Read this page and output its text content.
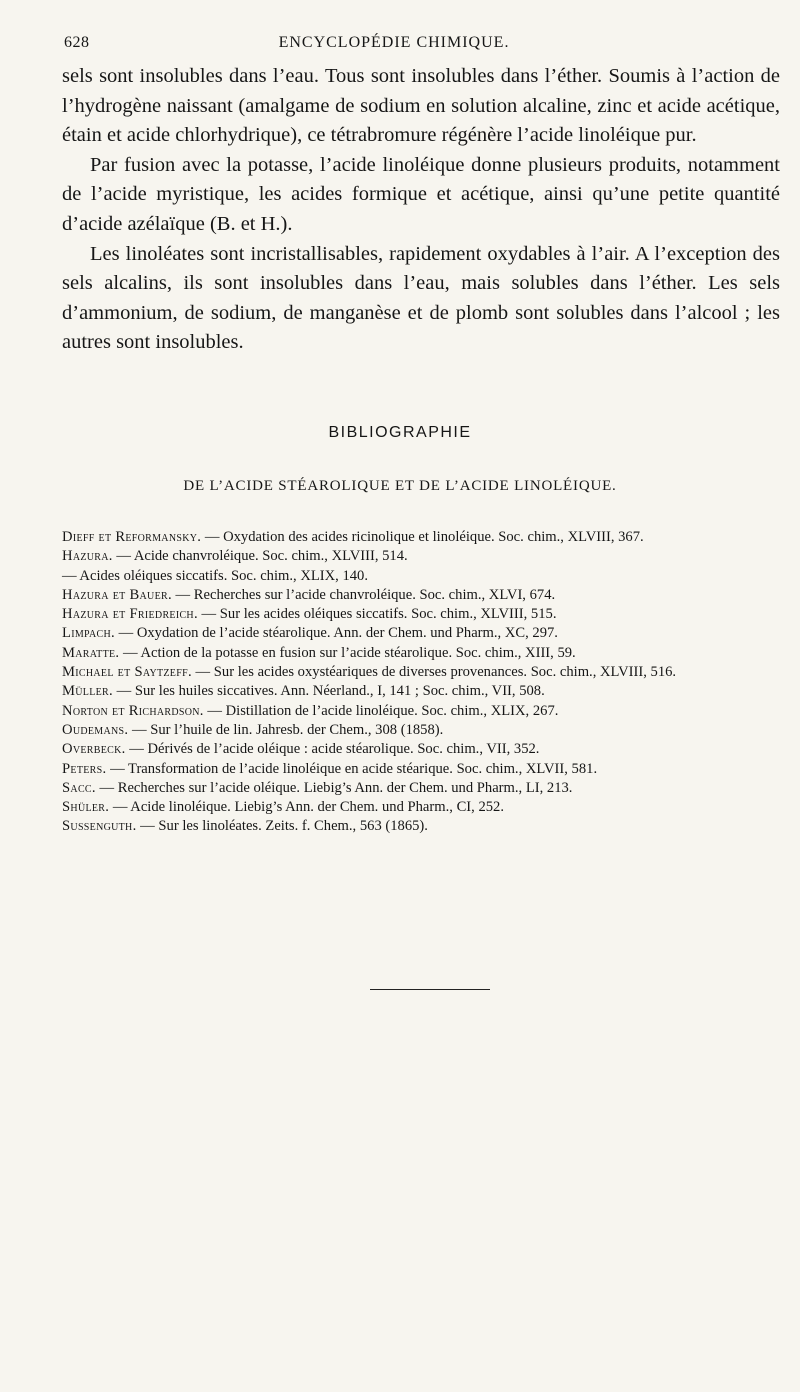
628	ENCYCLOPÉDIE CHIMIQUE.

sels sont insolubles dans l’eau. Tous sont insolubles dans l’éther. Soumis à l’action de l’hydrogène naissant (amalgame de sodium en solution alcaline, zinc et acide acétique, étain et acide chlorhydrique), ce tétrabromure régénère l’acide linoléique pur.

Par fusion avec la potasse, l’acide linoléique donne plusieurs produits, notamment de l’acide myristique, les acides formique et acétique, ainsi qu’une petite quantité d’acide azélaïque (B. et H.).

Les linoléates sont incristallisables, rapidement oxydables à l’air. A l’exception des sels alcalins, ils sont insolubles dans l’eau, mais solubles dans l’éther. Les sels d’ammonium, de sodium, de manganèse et de plomb sont solubles dans l’alcool ; les autres sont insolubles.

BIBLIOGRAPHIE
DE L’ACIDE STÉAROLIQUE ET DE L’ACIDE LINOLÉIQUE.
Dieff et Reformansky. — Oxydation des acides ricinolique et linoléique. Soc. chim., XLVIII, 367.
Hazura. — Acide chanvroléique. Soc. chim., XLVIII, 514.
— Acides oléiques siccatifs. Soc. chim., XLIX, 140.
Hazura et Bauer. — Recherches sur l’acide chanvroléique. Soc. chim., XLVI, 674.
Hazura et Friedreich. — Sur les acides oléiques siccatifs. Soc. chim., XLVIII, 515.
Limpach. — Oxydation de l’acide stéarolique. Ann. der Chem. und Pharm., XC, 297.
Maratte. — Action de la potasse en fusion sur l’acide stéarolique. Soc. chim., XIII, 59.
Michael et Saytzeff. — Sur les acides oxystéariques de diverses provenances. Soc. chim., XLVIII, 516.
Müller. — Sur les huiles siccatives. Ann. Néerland., I, 141 ; Soc. chim., VII, 508.
Norton et Richardson. — Distillation de l’acide linoléique. Soc. chim., XLIX, 267.
Oudemans. — Sur l’huile de lin. Jahresb. der Chem., 308 (1858).
Overbeck. — Dérivés de l’acide oléique : acide stéarolique. Soc. chim., VII, 352.
Peters. — Transformation de l’acide linoléique en acide stéarique. Soc. chim., XLVII, 581.
Sacc. — Recherches sur l’acide oléique. Liebig’s Ann. der Chem. und Pharm., LI, 213.
Shüler. — Acide linoléique. Liebig’s Ann. der Chem. und Pharm., CI, 252.
Sussenguth. — Sur les linoléates. Zeits. f. Chem., 563 (1865).
